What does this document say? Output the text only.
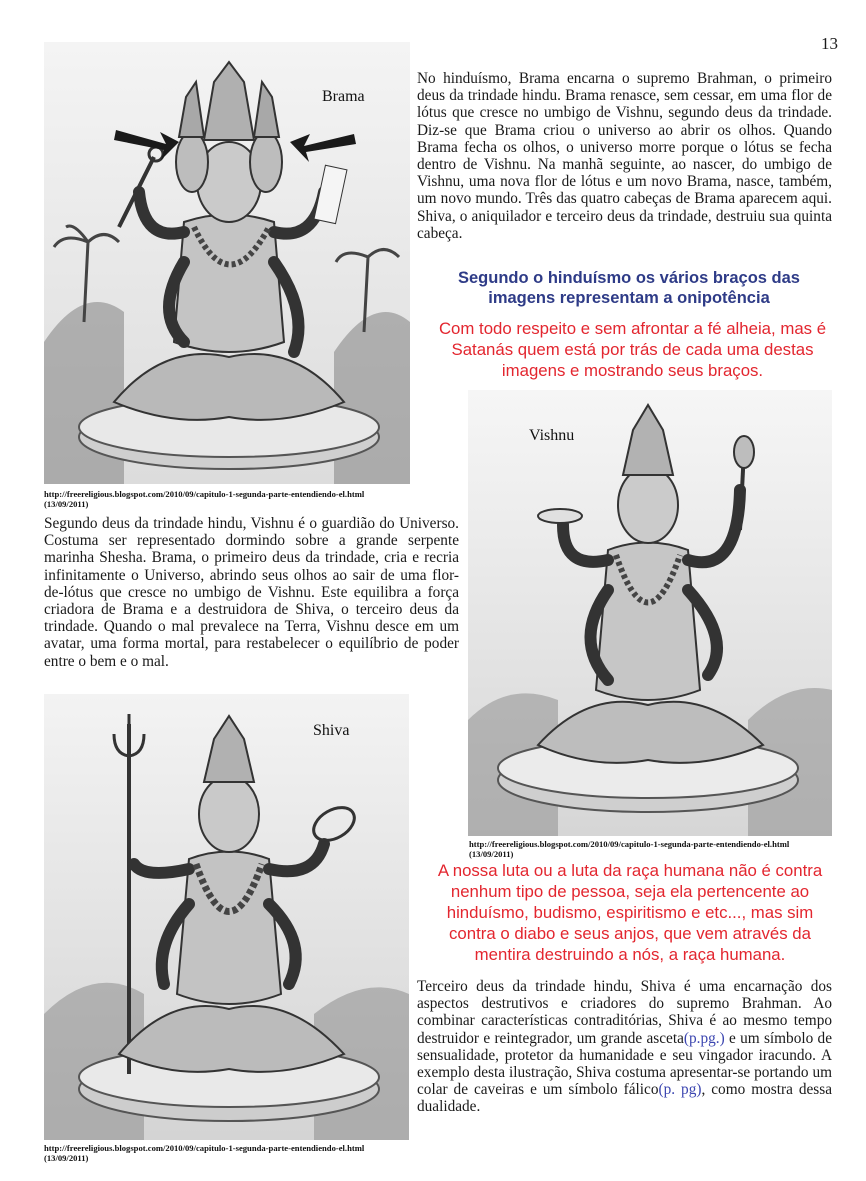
13
Brama
http://freereligious.blogspot.com/2010/09/capitulo-1-segunda-parte-entendiendo-el.html
(13/09/2011)
No hinduísmo, Brama encarna o supremo Brahman, o primeiro deus da trindade hindu. Brama renasce, sem cessar, em uma flor de lótus que cresce no umbigo de Vishnu, segundo deus da trindade. Diz-se que Brama criou o universo ao abrir os olhos. Quando Brama fecha os olhos, o universo morre porque o lótus se fecha dentro de Vishnu. Na manhã seguinte, ao nascer, do umbigo de Vishnu, uma nova flor de lótus e um novo Brama, nasce, também, um novo mundo. Três das quatro cabeças de Brama aparecem aqui. Shiva, o aniquilador e terceiro deus da trindade, destruiu sua quinta cabeça.
Segundo o hinduísmo os vários braços das imagens representam a onipotência
Com todo respeito e sem afrontar a fé alheia, mas é Satanás quem está por trás de cada uma destas imagens e mostrando seus braços.
Vishnu
http://freereligious.blogspot.com/2010/09/capitulo-1-segunda-parte-entendiendo-el.html
(13/09/2011)
Segundo deus da trindade hindu, Vishnu é o guardião do Universo. Costuma ser representado dormindo sobre a grande serpente marinha Shesha. Brama, o primeiro deus da trindade, cria e recria infinitamente o Universo, abrindo seus olhos ao sair de uma flor-de-lótus que cresce no umbigo de Vishnu. Este equilibra a força criadora de Brama e a destruidora de Shiva, o terceiro deus da trindade. Quando o mal prevalece na Terra, Vishnu desce em um avatar, uma forma mortal, para restabelecer o equilíbrio de poder entre o bem e o mal.
Shiva
http://freereligious.blogspot.com/2010/09/capitulo-1-segunda-parte-entendiendo-el.html
(13/09/2011)
A nossa luta ou a luta da raça humana não é contra nenhum tipo de pessoa, seja ela pertencente ao hinduísmo, budismo, espiritismo e etc..., mas sim contra o diabo e seus anjos, que vem através da mentira destruindo a nós, a raça humana.
Terceiro deus da trindade hindu, Shiva é uma encarnação dos aspectos destrutivos e criadores do supremo Brahman. Ao combinar características contraditórias, Shiva é ao mesmo tempo destruidor e reintegrador, um grande asceta(p.pg.) e um símbolo de sensualidade, protetor da humanidade e seu vingador iracundo. A exemplo desta ilustração, Shiva costuma apresentar-se portando um colar de caveiras e um símbolo fálico(p. pg), como mostra dessa dualidade.
